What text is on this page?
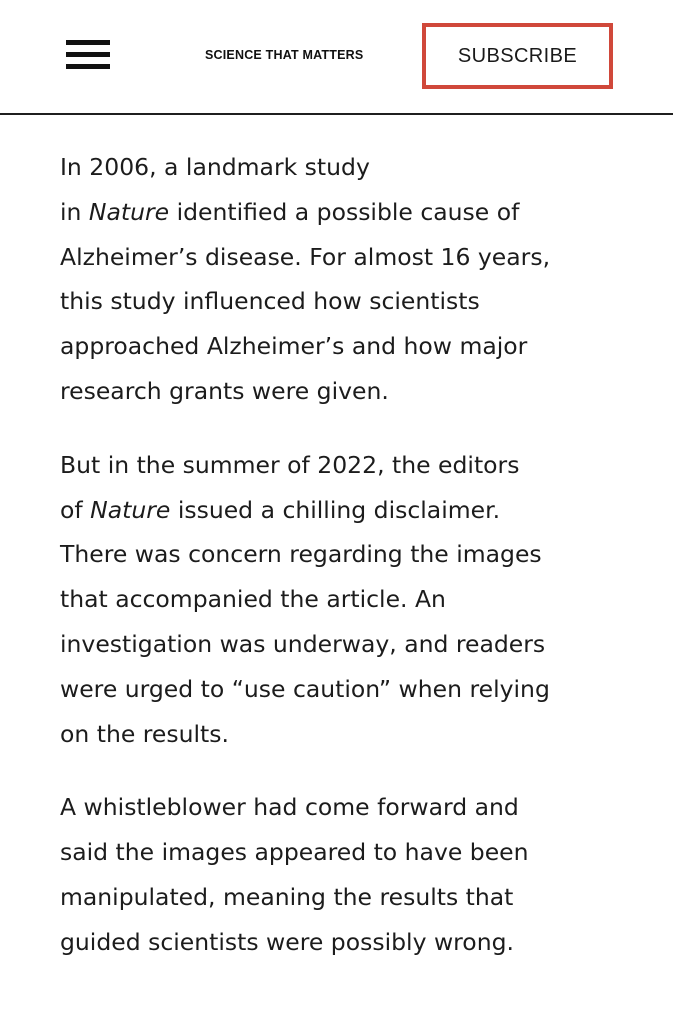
SCIENCE THAT MATTERS	SUBSCRIBE

In 2006, a landmark study
in Nature identified a possible cause of
Alzheimer’s disease. For almost 16 years,
this study influenced how scientists
approached Alzheimer’s and how major
research grants were given.

But in the summer of 2022, the editors
of Nature issued a chilling disclaimer.
There was concern regarding the images
that accompanied the article. An
investigation was underway, and readers
were urged to “use caution” when relying
on the results.

A whistleblower had come forward and
said the images appeared to have been
manipulated, meaning the results that
guided scientists were possibly wrong.
